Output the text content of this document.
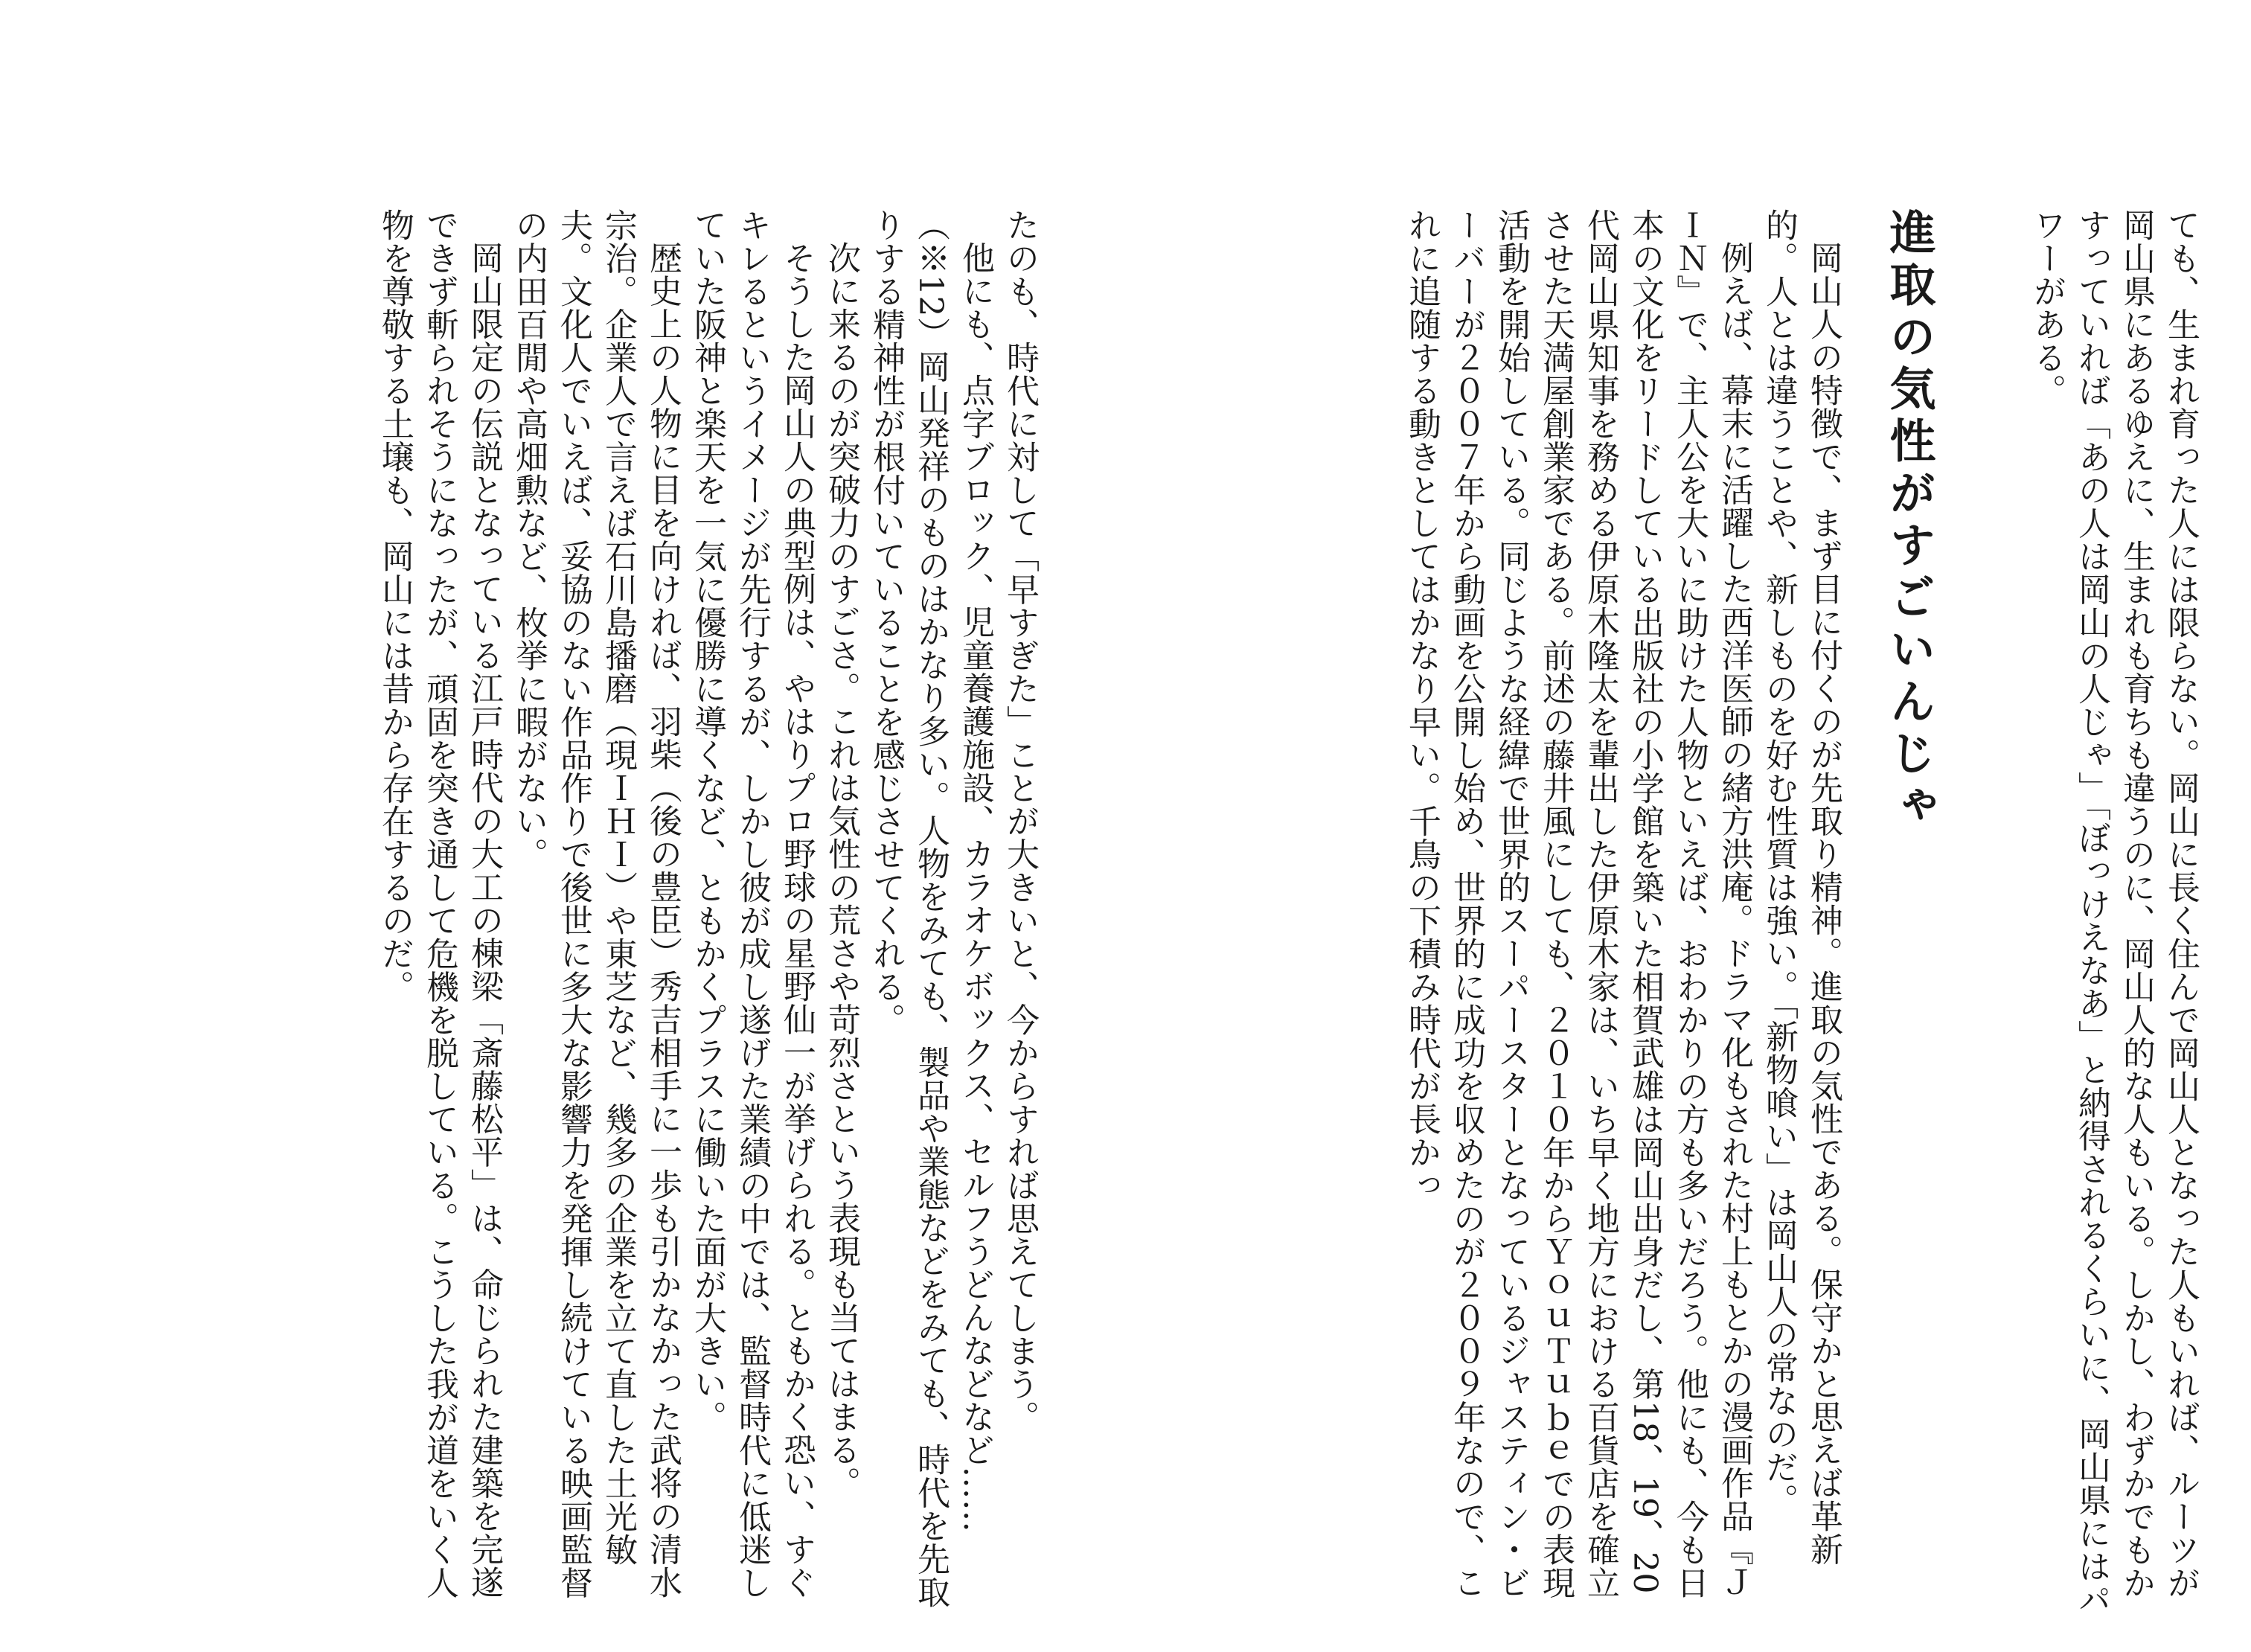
ても、生まれ育った人には限らない。岡山に長く住んで岡山人となった人もいれば、ルーツが岡山県にあるゆえに、生まれも育ちも違うのに、岡山人的な人もいる。しかし、わずかでもかすっていれば「あの人は岡山の人じゃ」「ぼっけえなあ」と納得されるくらいに、岡山県にはパワーがある。

進取の気性がすごいんじゃ

岡山人の特徴で、まず目に付くのが先取り精神。進取の気性である。保守かと思えば革新的。人とは違うことや、新しものを好む性質は強い。「新物喰い」は岡山人の常なのだ。

例えば、幕末に活躍した西洋医師の緒方洪庵。ドラマ化もされた村上もとかの漫画作品『ＪＩＮ』で、主人公を大いに助けた人物といえば、おわかりの方も多いだろう。他にも、今も日本の文化をリードしている出版社の小学館を築いた相賀武雄は岡山出身だし、第18、19、20代岡山県知事を務める伊原木隆太を輩出した伊原木家は、いち早く地方における百貨店を確立させた天満屋創業家である。前述の藤井風にしても、２０１０年からＹｏｕＴｕｂｅでの表現活動を開始している。同じような経緯で世界的スーパースターとなっているジャスティン・ビーバーが２００７年から動画を公開し始め、世界的に成功を収めたのが２００９年なので、これに追随する動きとしてはかなり早い。千鳥の下積み時代が長かっ

たのも、時代に対して「早すぎた」ことが大きいと、今からすれば思えてしまう。

他にも、点字ブロック、児童養護施設、カラオケボックス、セルフうどんなどなど……（※12）岡山発祥のものはかなり多い。人物をみても、製品や業態などをみても、時代を先取りする精神性が根付いていることを感じさせてくれる。

次に来るのが突破力のすごさ。これは気性の荒さや苛烈さという表現も当てはまる。

そうした岡山人の典型例は、やはりプロ野球の星野仙一が挙げられる。ともかく恐い、すぐキレるというイメージが先行するが、しかし彼が成し遂げた業績の中では、監督時代に低迷していた阪神と楽天を一気に優勝に導くなど、ともかくプラスに働いた面が大きい。

歴史上の人物に目を向ければ、羽柴（後の豊臣）秀吉相手に一歩も引かなかった武将の清水宗治。企業人で言えば石川島播磨（現ＩＨＩ）や東芝など、幾多の企業を立て直した土光敏夫。文化人でいえば、妥協のない作品作りで後世に多大な影響力を発揮し続けている映画監督の内田百閒や高畑勲など、枚挙に暇がない。

岡山限定の伝説となっている江戸時代の大工の棟梁「斎藤松平」は、命じられた建築を完遂できず斬られそうになったが、頑固を突き通して危機を脱している。こうした我が道をいく人物を尊敬する土壌も、岡山には昔から存在するのだ。
